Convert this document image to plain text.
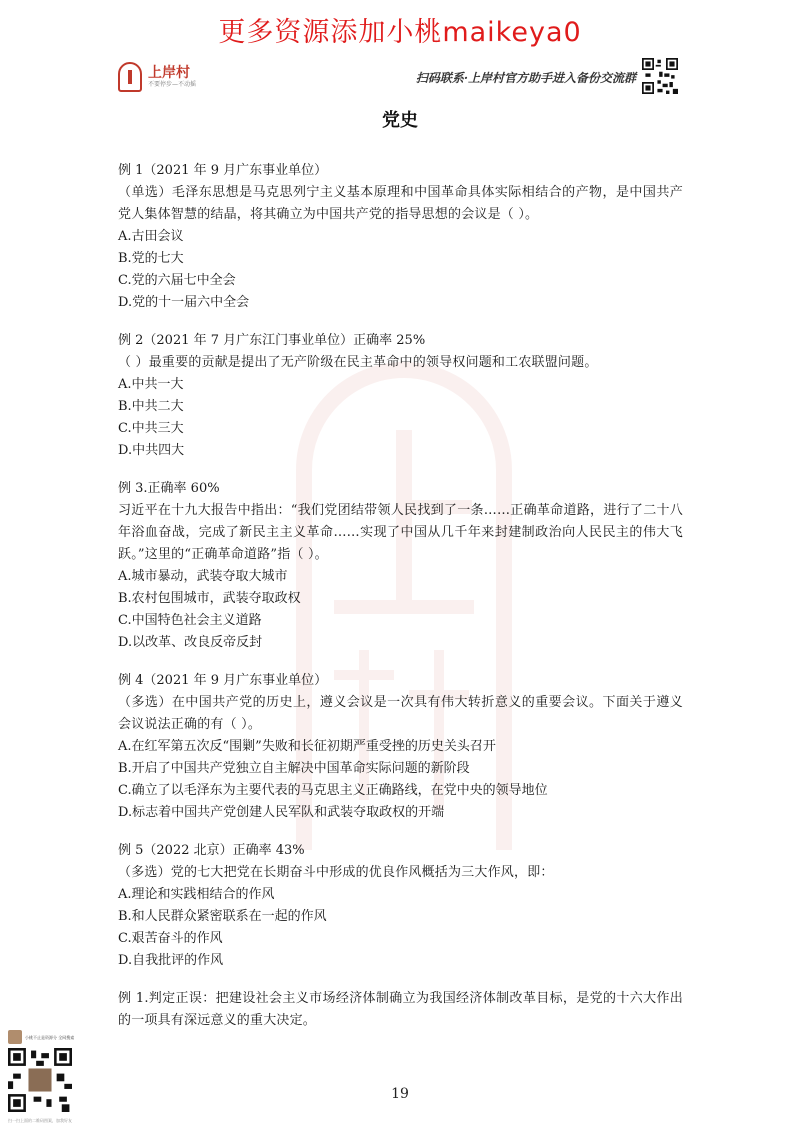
更多资源添加小桃maikeya0
上岸村
不要停步—不动摇	扫码联系·上岸村官方助手进入备份交流群
党史
例 1（2021 年 9 月广东事业单位）
（单选）毛泽东思想是马克思列宁主义基本原理和中国革命具体实际相结合的产物，是中国共产党人集体智慧的结晶，将其确立为中国共产党的指导思想的会议是（ ）。
A.古田会议
B.党的七大
C.党的六届七中全会
D.党的十一届六中全会
例 2（2021 年 7 月广东江门事业单位）正确率 25%
（ ）最重要的贡献是提出了无产阶级在民主革命中的领导权问题和工农联盟问题。
A.中共一大
B.中共二大
C.中共三大
D.中共四大
例 3.正确率 60%
习近平在十九大报告中指出：“我们党团结带领人民找到了一条……正确革命道路，进行了二十八年浴血奋战，完成了新民主主义革命……实现了中国从几千年来封建制政治向人民民主的伟大飞跃。”这里的“正确革命道路”指（ ）。
A.城市暴动，武装夺取大城市
B.农村包围城市，武装夺取政权
C.中国特色社会主义道路
D.以改革、改良反帝反封
例 4（2021 年 9 月广东事业单位）
（多选）在中国共产党的历史上，遵义会议是一次具有伟大转折意义的重要会议。下面关于遵义会议说法正确的有（ ）。
A.在红军第五次反“围剿”失败和长征初期严重受挫的历史关头召开
B.开启了中国共产党独立自主解决中国革命实际问题的新阶段
C.确立了以毛泽东为主要代表的马克思主义正确路线，在党中央的领导地位
D.标志着中国共产党创建人民军队和武装夺取政权的开端
例 5（2022 北京）正确率 43%
（多选）党的七大把党在长期奋斗中形成的优良作风概括为三大作风，即：
A.理论和实践相结合的作风
B.和人民群众紧密联系在一起的作风
C.艰苦奋斗的作风
D.自我批评的作风
例 1.判定正误：把建设社会主义市场经济体制确立为我国经济体制改革目标，是党的十六大作出的一项具有深远意义的重大决定。
小桃不止是资源分 全网搜索
扫一扫上面的二维码图案，加我好友
19
